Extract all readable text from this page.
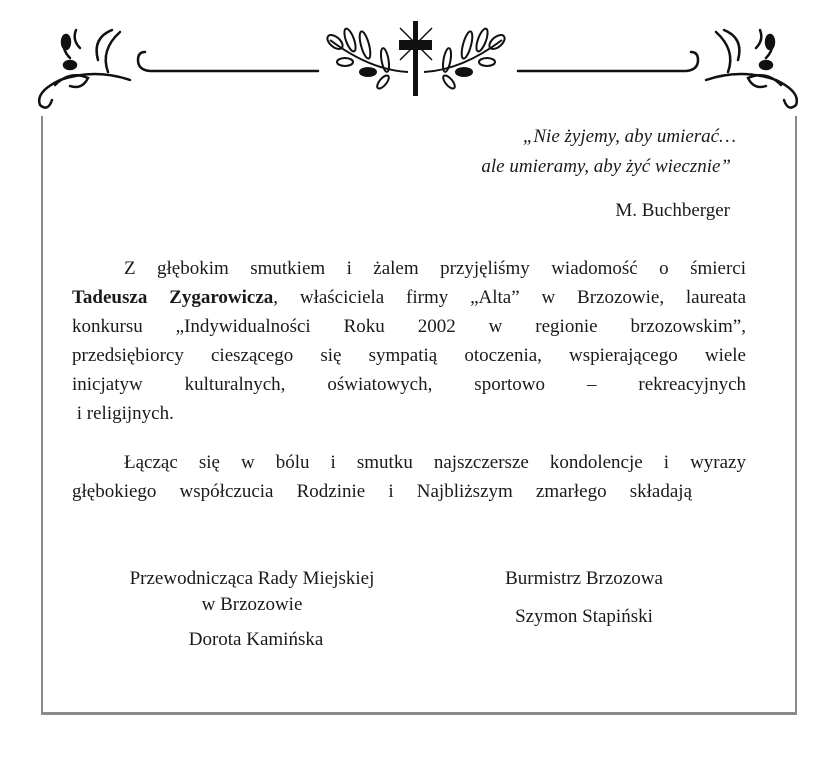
„Nie żyjemy, aby umierać…
ale umieramy, aby żyć wiecznie”
M. Buchberger
Z głębokim smutkiem i żalem przyjęliśmy wiadomość o śmierci
Tadeusza Zygarowicza, właściciela firmy „Alta” w Brzozowie, laureata
konkursu „Indywidualności Roku 2002 w regionie brzozowskim”,
przedsiębiorcy cieszącego się sympatią otoczenia, wspierającego wiele
inicjatyw kulturalnych, oświatowych, sportowo – rekreacyjnych
i religijnych.
Łącząc się w bólu i smutku najszczersze kondolencje i wyrazy
głębokiego współczucia Rodzinie i Najbliższym zmarłego składają
Przewodnicząca Rady Miejskiej
w Brzozowie
Dorota Kamińska
Burmistrz Brzozowa
Szymon Stapiński
